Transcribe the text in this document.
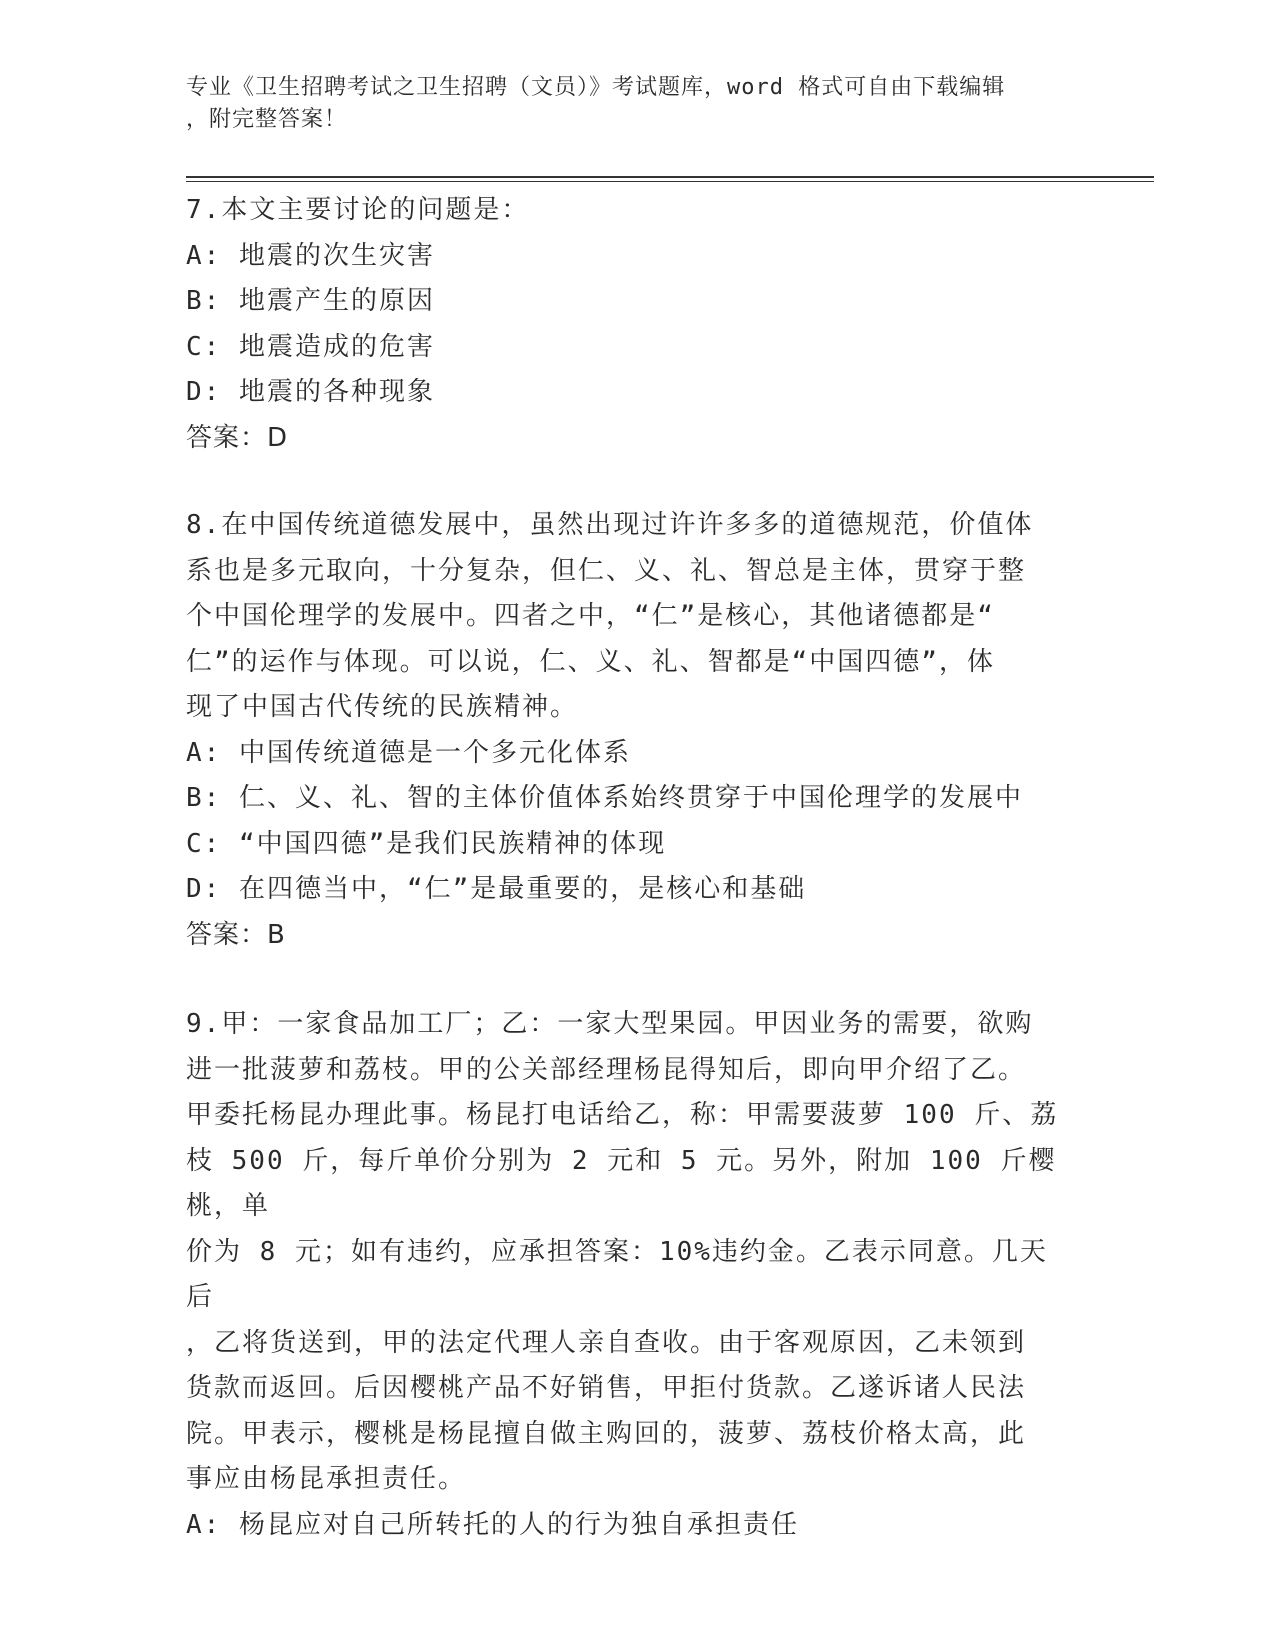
专业《卫生招聘考试之卫生招聘（文员）》考试题库，word 格式可自由下载编辑
，附完整答案！
7.本文主要讨论的问题是：
A: 地震的次生灾害
B: 地震产生的原因
C: 地震造成的危害
D: 地震的各种现象
答案：D
8.在中国传统道德发展中，虽然出现过许许多多的道德规范，价值体
系也是多元取向，十分复杂，但仁、义、礼、智总是主体，贯穿于整
个中国伦理学的发展中。四者之中，“仁”是核心，其他诸德都是“
仁”的运作与体现。可以说，仁、义、礼、智都是“中国四德”，体
现了中国古代传统的民族精神。
A: 中国传统道德是一个多元化体系
B: 仁、义、礼、智的主体价值体系始终贯穿于中国伦理学的发展中
C: “中国四德”是我们民族精神的体现
D: 在四德当中，“仁”是最重要的，是核心和基础
答案：B
9.甲：一家食品加工厂；乙：一家大型果园。甲因业务的需要，欲购
进一批菠萝和荔枝。甲的公关部经理杨昆得知后，即向甲介绍了乙。
甲委托杨昆办理此事。杨昆打电话给乙，称：甲需要菠萝 100 斤、荔
枝 500 斤，每斤单价分别为 2 元和 5 元。另外，附加 100 斤樱桃，单
价为 8 元；如有违约，应承担答案：10%违约金。乙表示同意。几天后
，乙将货送到，甲的法定代理人亲自查收。由于客观原因，乙未领到
货款而返回。后因樱桃产品不好销售，甲拒付货款。乙遂诉诸人民法
院。甲表示，樱桃是杨昆擅自做主购回的，菠萝、荔枝价格太高，此
事应由杨昆承担责任。
A: 杨昆应对自己所转托的人的行为独自承担责任
